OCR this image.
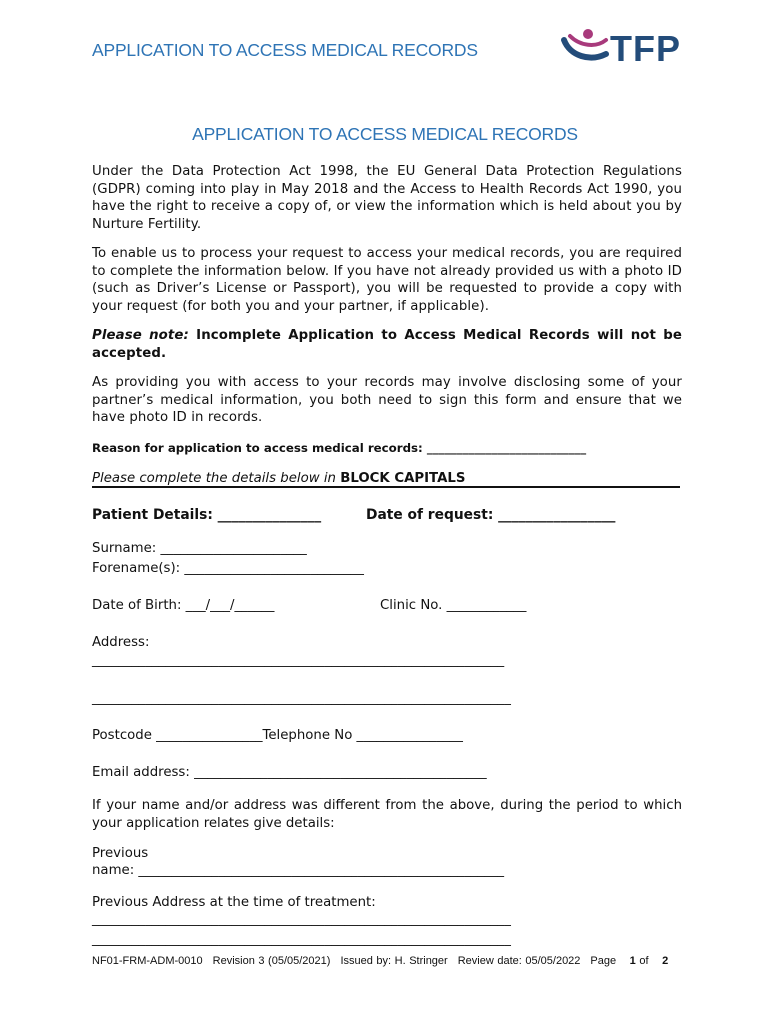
APPLICATION TO ACCESS MEDICAL RECORDS	TFP
APPLICATION TO ACCESS MEDICAL RECORDS

Under the Data Protection Act 1998, the EU General Data Protection Regulations (GDPR) coming into play in May 2018 and the Access to Health Records Act 1990, you have the right to receive a copy of, or view the information which is held about you by Nurture Fertility.

To enable us to process your request to access your medical records, you are required to complete the information below. If you have not already provided us with a photo ID (such as Driver’s License or Passport), you will be requested to provide a copy with your request (for both you and your partner, if applicable).

Please note: Incomplete Application to Access Medical Records will not be accepted.

As providing you with access to your records may involve disclosing some of your partner’s medical information, you both need to sign this form and ensure that we have photo ID in records.

Reason for application to access medical records: ___________________________
Please complete the details below in BLOCK CAPITALS
Patient Details: _______________	Date of request: _________________
Surname: ______________________
Forename(s): ___________________________
Date of Birth: ___/___/______	Clinic No. ____________
Address:
______________________________________________________________
_______________________________________________________________
Postcode ________________Telephone No ________________
Email address: ____________________________________________
If your name and/or address was different from the above, during the period to which your application relates give details:
Previous
name: _______________________________________________________
Previous Address at the time of treatment:
_______________________________________________________________
_______________________________________________________________
NF01-FRM-ADM-0010 Revision 3 (05/05/2021) Issued by: H. Stringer Review date: 05/05/2022 Page 1 of 2
